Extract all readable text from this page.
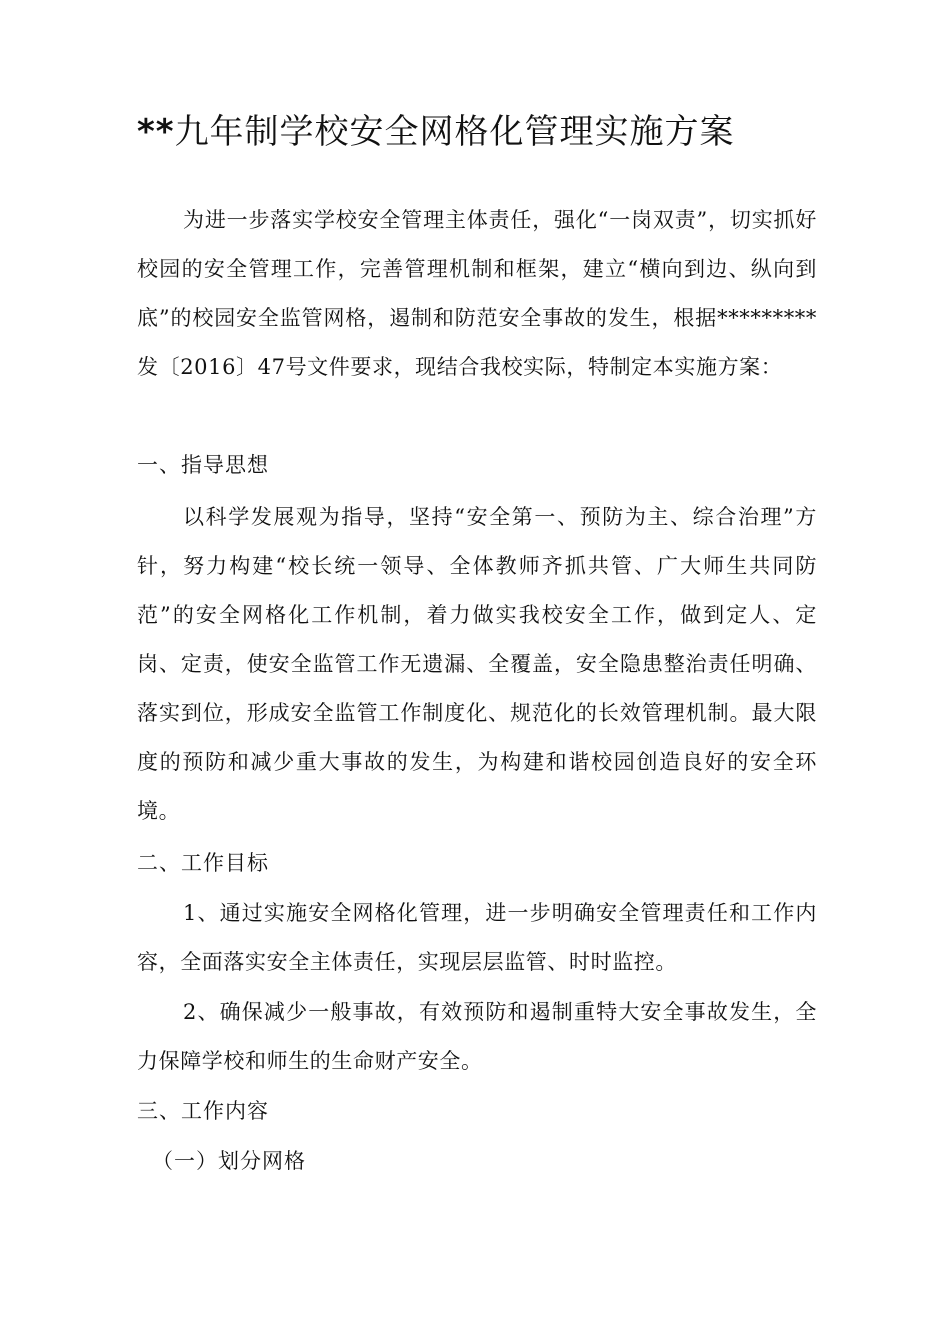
**九年制学校安全网格化管理实施方案
为进一步落实学校安全管理主体责任，强化“一岗双责”，切实抓好校园的安全管理工作，完善管理机制和框架，建立“横向到边、纵向到底”的校园安全监管网格，遏制和防范安全事故的发生，根据*********发〔2016〕47号文件要求，现结合我校实际，特制定本实施方案：
一、指导思想
以科学发展观为指导，坚持“安全第一、预防为主、综合治理”方针，努力构建“校长统一领导、全体教师齐抓共管、广大师生共同防范”的安全网格化工作机制，着力做实我校安全工作，做到定人、定岗、定责，使安全监管工作无遗漏、全覆盖，安全隐患整治责任明确、落实到位，形成安全监管工作制度化、规范化的长效管理机制。最大限度的预防和减少重大事故的发生，为构建和谐校园创造良好的安全环境。
二、工作目标
1、通过实施安全网格化管理，进一步明确安全管理责任和工作内容，全面落实安全主体责任，实现层层监管、时时监控。
2、确保减少一般事故，有效预防和遏制重特大安全事故发生，全力保障学校和师生的生命财产安全。
三、工作内容
（一）划分网格
